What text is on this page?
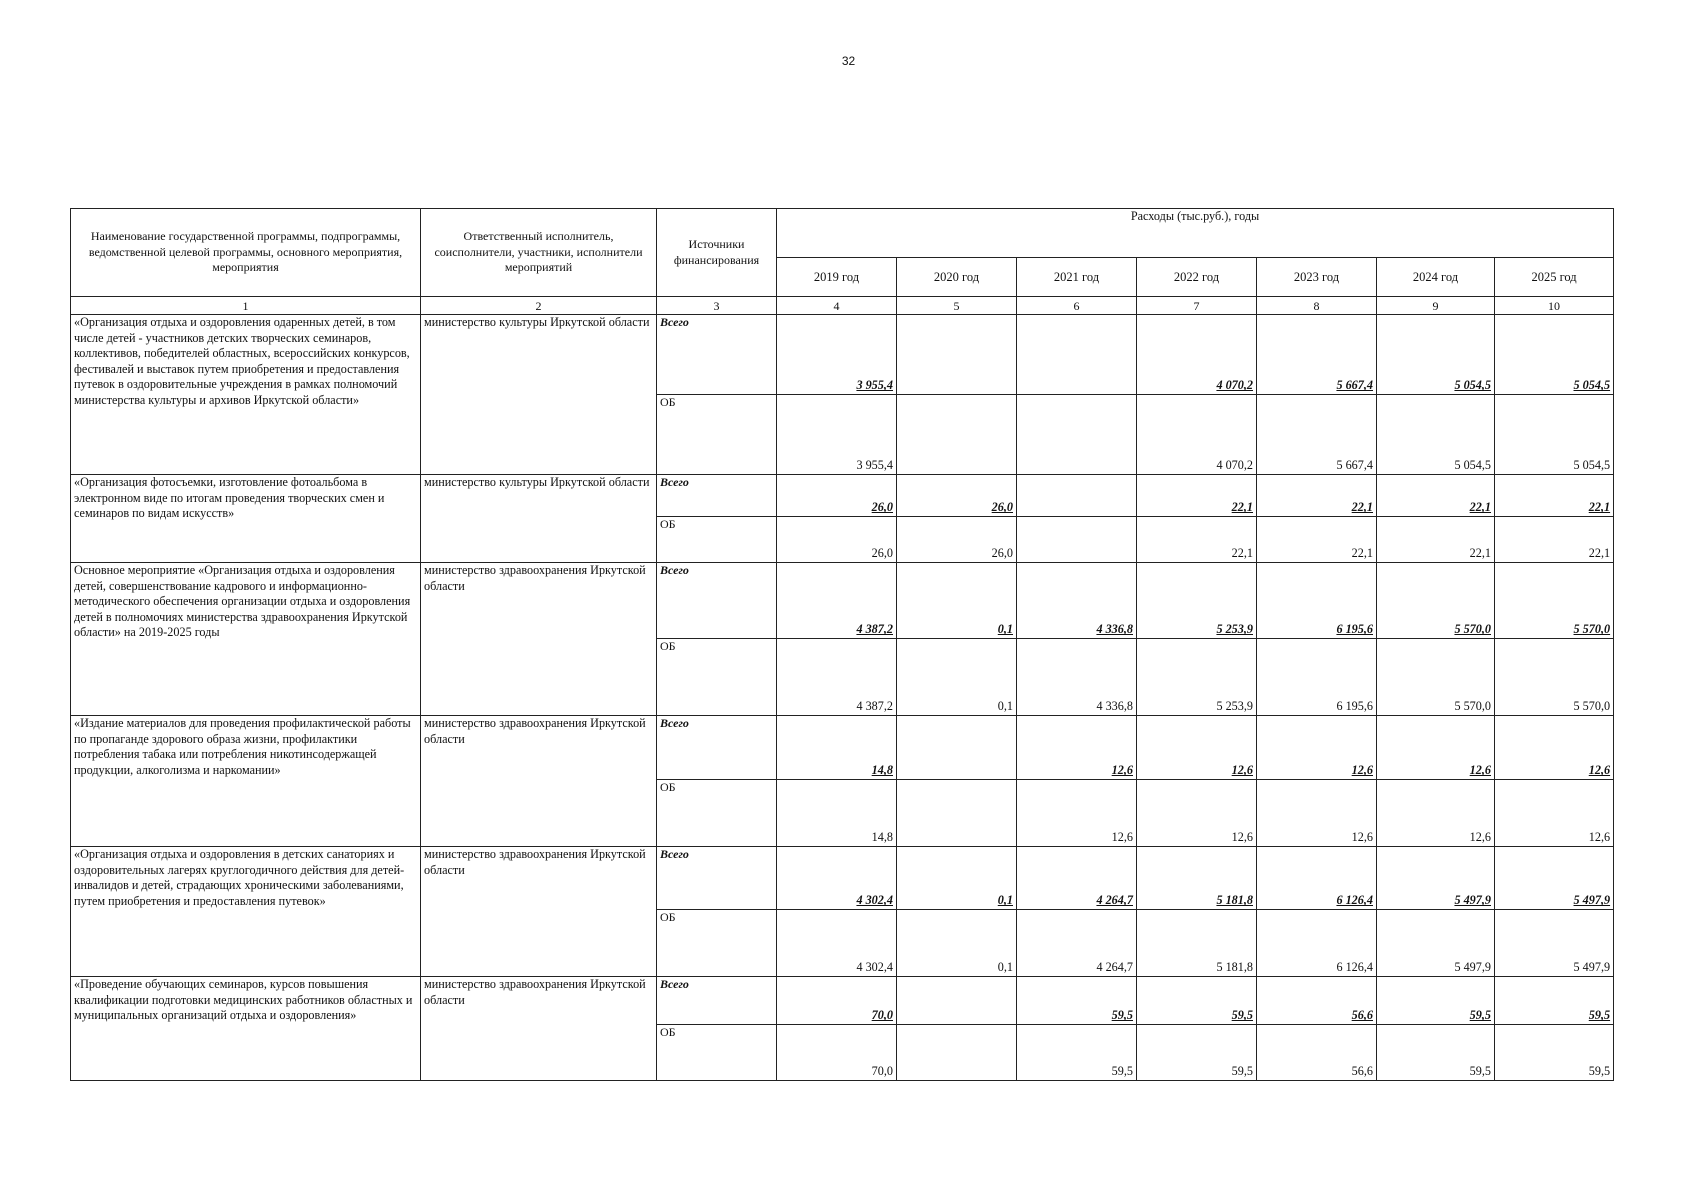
32
Наименование государственной программы, подпрограммы, ведомственной целевой программы, основного мероприятия, мероприятия	Ответственный исполнитель, соисполнители, участники, исполнители мероприятий	Источники финансирования	Расходы (тыс.руб.), годы						
			2019 год	2020 год	2021 год	2022 год	2023 год	2024 год	2025 год
1	2	3	4	5	6	7	8	9	10
«Организация отдыха и оздоровления одаренных детей, в том числе детей - участников детских творческих семинаров, коллективов, победителей областных, всероссийских конкурсов, фестивалей и выставок путем приобретения и предоставления путевок в оздоровительные учреждения в рамках полномочий министерства культуры и архивов Иркутской области»	министерство культуры Иркутской области	Всего	3 955,4			4 070,2	5 667,4	5 054,5	5 054,5
		ОБ	3 955,4			4 070,2	5 667,4	5 054,5	5 054,5
«Организация фотосъемки, изготовление фотоальбома в электронном виде по итогам проведения творческих смен и семинаров по видам искусств»	министерство культуры Иркутской области	Всего	26,0	26,0		22,1	22,1	22,1	22,1
		ОБ	26,0	26,0		22,1	22,1	22,1	22,1
Основное мероприятие «Организация отдыха и оздоровления детей, совершенствование кадрового и информационно-методического обеспечения организации отдыха и оздоровления детей в полномочиях министерства здравоохранения Иркутской области» на 2019-2025 годы	министерство здравоохранения Иркутской области	Всего	4 387,2	0,1	4 336,8	5 253,9	6 195,6	5 570,0	5 570,0
		ОБ	4 387,2	0,1	4 336,8	5 253,9	6 195,6	5 570,0	5 570,0
«Издание материалов для проведения профилактической работы по пропаганде здорового образа жизни, профилактики потребления табака или потребления никотинсодержащей продукции, алкоголизма и наркомании»	министерство здравоохранения Иркутской области	Всего	14,8		12,6	12,6	12,6	12,6	12,6
		ОБ	14,8		12,6	12,6	12,6	12,6	12,6
«Организация отдыха и оздоровления в детских санаториях и оздоровительных лагерях круглогодичного действия для детей-инвалидов и детей, страдающих хроническими заболеваниями, путем приобретения и предоставления путевок»	министерство здравоохранения Иркутской области	Всего	4 302,4	0,1	4 264,7	5 181,8	6 126,4	5 497,9	5 497,9
		ОБ	4 302,4	0,1	4 264,7	5 181,8	6 126,4	5 497,9	5 497,9
«Проведение обучающих семинаров, курсов повышения квалификации подготовки медицинских работников областных и муниципальных организаций отдыха и оздоровления»	министерство здравоохранения Иркутской области	Всего	70,0		59,5	59,5	56,6	59,5	59,5
		ОБ	70,0		59,5	59,5	56,6	59,5	59,5
